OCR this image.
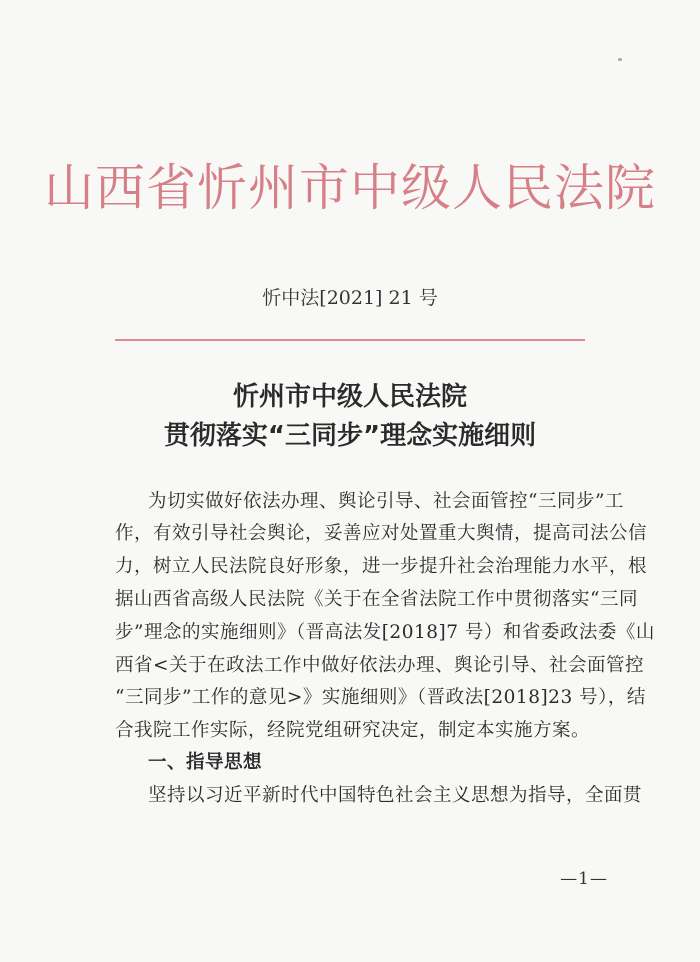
山西省忻州市中级人民法院
忻中法[2021] 21 号
忻州市中级人民法院
贯彻落实“三同步”理念实施细则
为切实做好依法办理、舆论引导、社会面管控“三同步”工
作，有效引导社会舆论，妥善应对处置重大舆情，提高司法公信
力，树立人民法院良好形象，进一步提升社会治理能力水平，根
据山西省高级人民法院《关于在全省法院工作中贯彻落实“三同
步”理念的实施细则》（晋高法发[2018]7 号）和省委政法委《山
西省<关于在政法工作中做好依法办理、舆论引导、社会面管控
“三同步”工作的意见>》实施细则》（晋政法[2018]23 号），结
合我院工作实际，经院党组研究决定，制定本实施方案。
一、指导思想
坚持以习近平新时代中国特色社会主义思想为指导，全面贯
—1—
